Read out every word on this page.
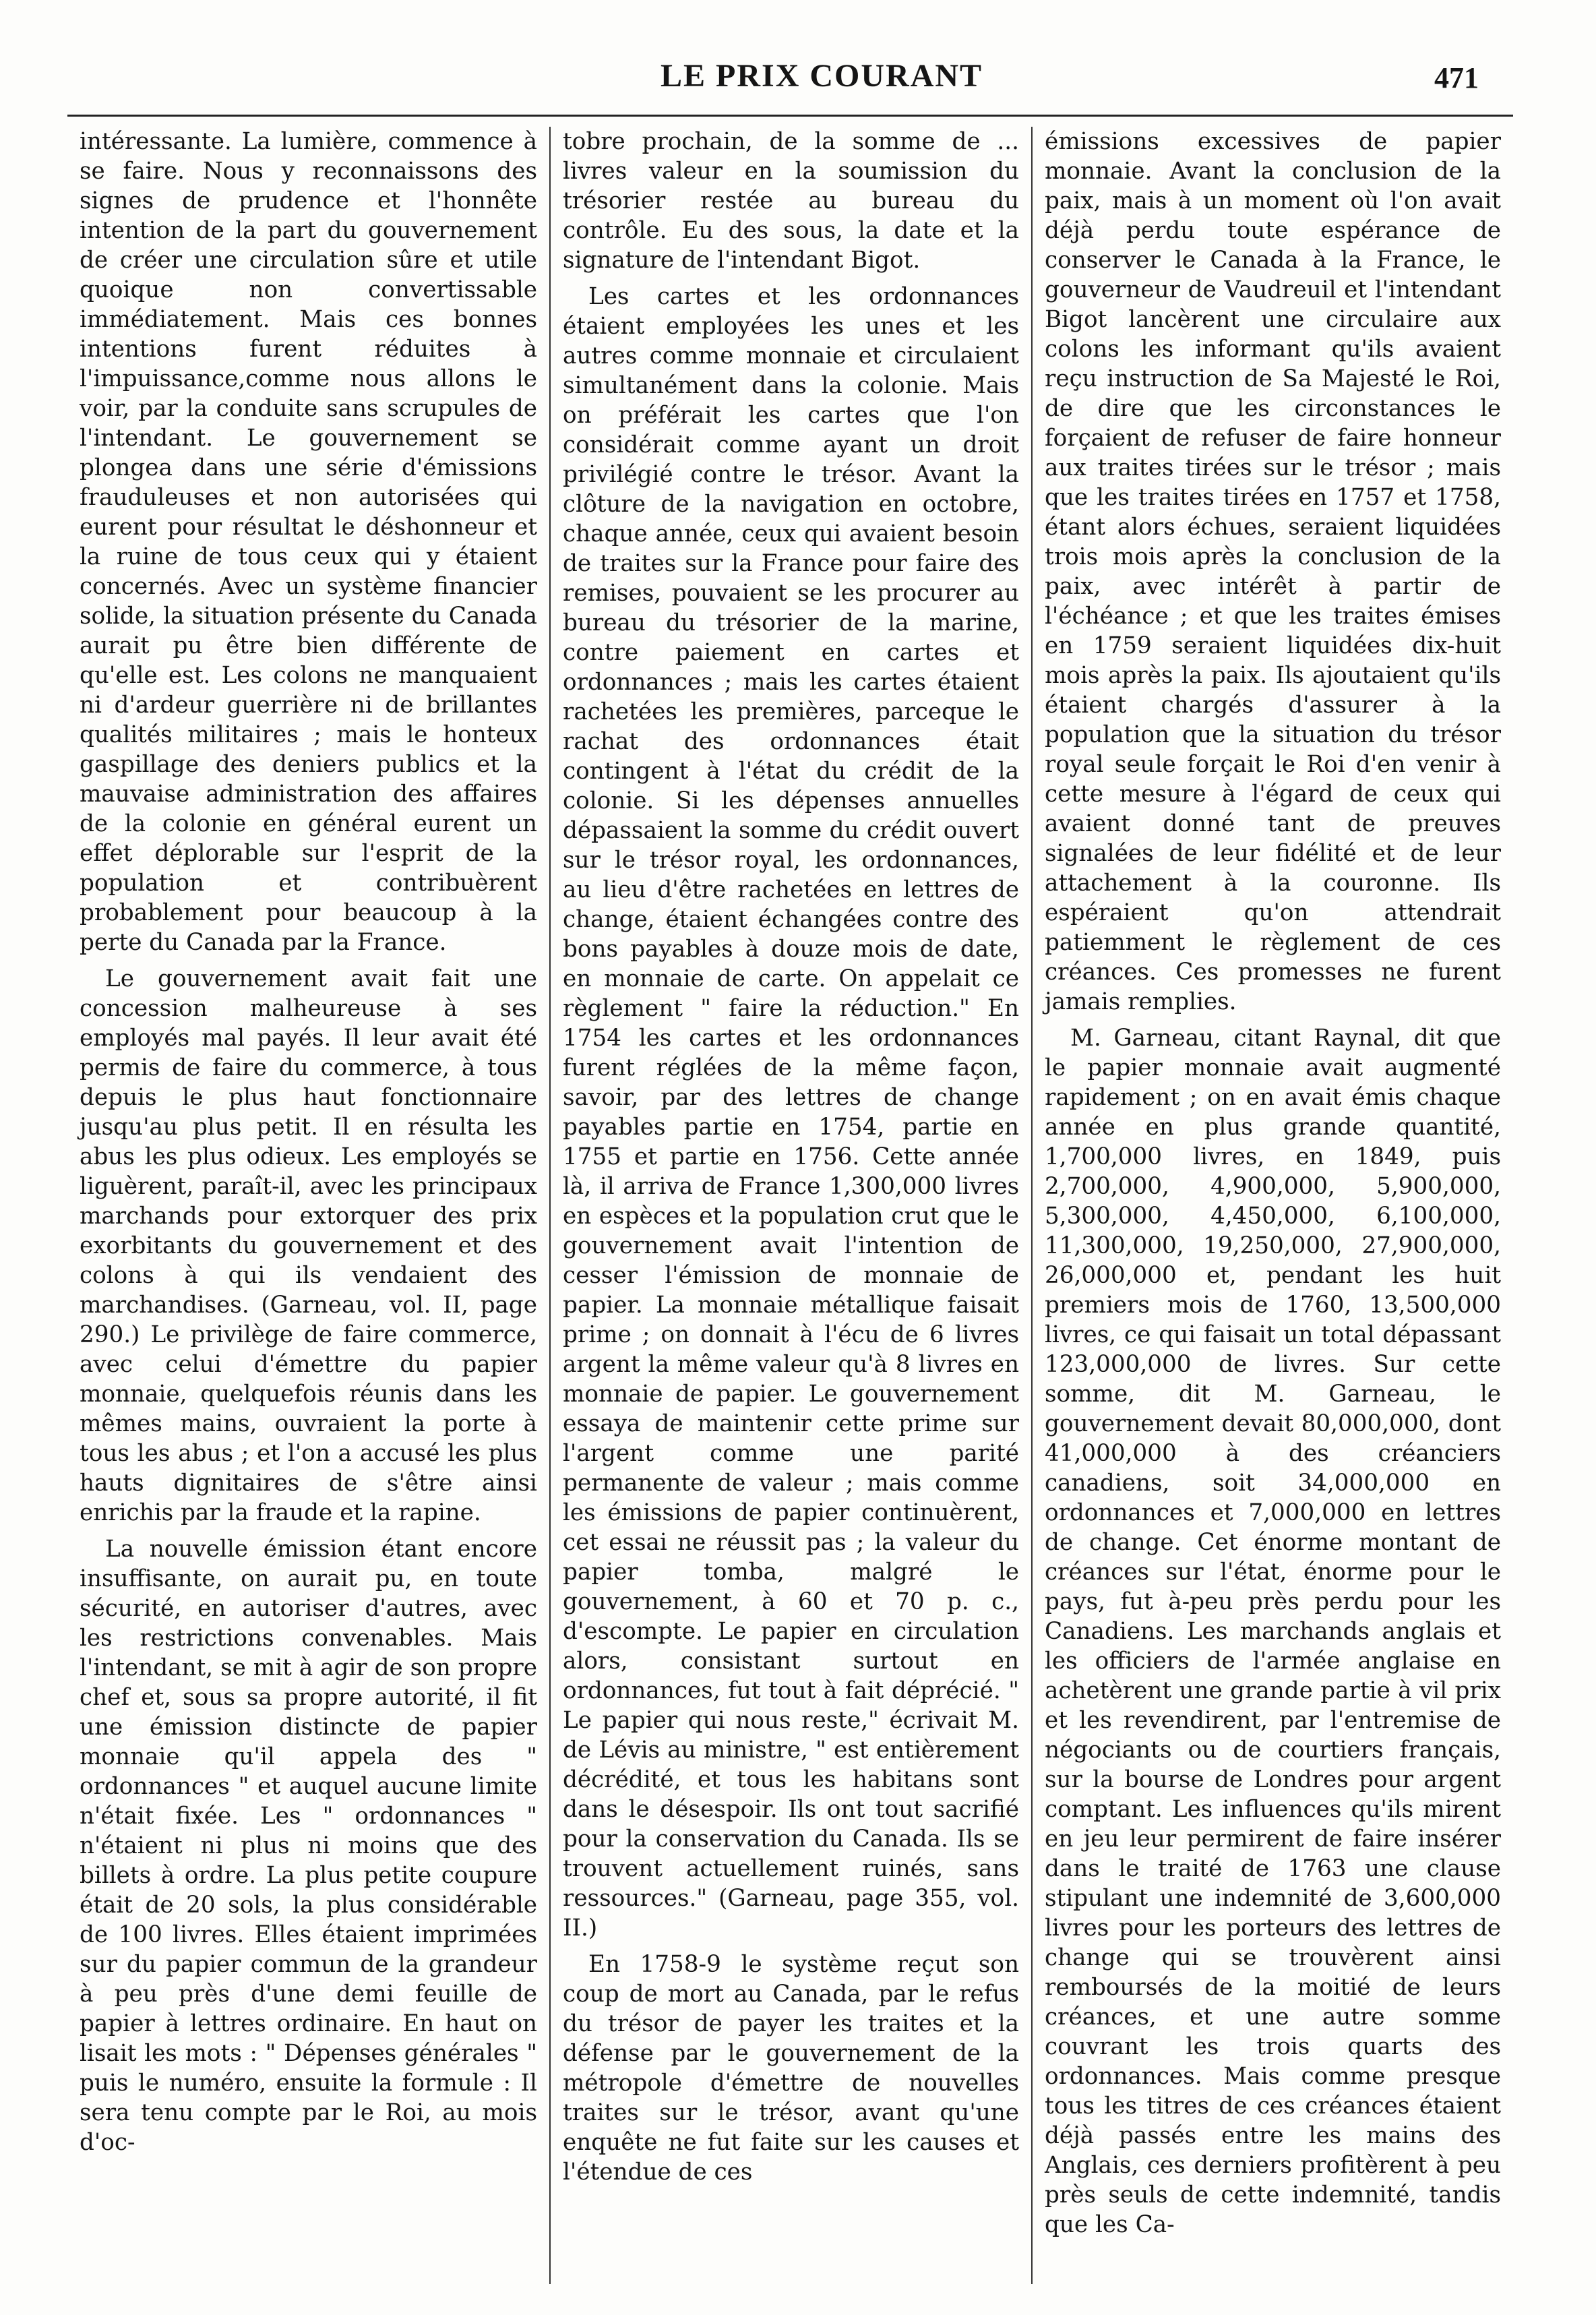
LE PRIX COURANT	471

intéressante. La lumière, commence à se faire. Nous y reconnaissons des signes de prudence et l'honnête intention de la part du gouvernement de créer une circulation sûre et utile quoique non convertissable immédiatement. Mais ces bonnes intentions furent réduites à l'impuissance,comme nous allons le voir, par la conduite sans scrupules de l'intendant. Le gouvernement se plongea dans une série d'émissions frauduleuses et non autorisées qui eurent pour résultat le déshonneur et la ruine de tous ceux qui y étaient concernés. Avec un système financier solide, la situation présente du Canada aurait pu être bien différente de qu'elle est. Les colons ne manquaient ni d'ardeur guerrière ni de brillantes qualités militaires ; mais le honteux gaspillage des deniers publics et la mauvaise administration des affaires de la colonie en général eurent un effet déplorable sur l'esprit de la population et contribuèrent probablement pour beaucoup à la perte du Canada par la France.

Le gouvernement avait fait une concession malheureuse à ses employés mal payés. Il leur avait été permis de faire du commerce, à tous depuis le plus haut fonctionnaire jusqu'au plus petit. Il en résulta les abus les plus odieux. Les employés se liguèrent, paraît-il, avec les principaux marchands pour extorquer des prix exorbitants du gouvernement et des colons à qui ils vendaient des marchandises. (Garneau, vol. II, page 290.) Le privilège de faire commerce, avec celui d'émettre du papier monnaie, quelquefois réunis dans les mêmes mains, ouvraient la porte à tous les abus ; et l'on a accusé les plus hauts dignitaires de s'être ainsi enrichis par la fraude et la rapine.

La nouvelle émission étant encore insuffisante, on aurait pu, en toute sécurité, en autoriser d'autres, avec les restrictions convenables. Mais l'intendant, se mit à agir de son propre chef et, sous sa propre autorité, il fit une émission distincte de papier monnaie qu'il appela des " ordonnances " et auquel aucune limite n'était fixée. Les " ordonnances " n'étaient ni plus ni moins que des billets à ordre. La plus petite coupure était de 20 sols, la plus considérable de 100 livres. Elles étaient imprimées sur du papier commun de la grandeur à peu près d'une demi feuille de papier à lettres ordinaire. En haut on lisait les mots : " Dépenses générales " puis le numéro, ensuite la formule : Il sera tenu compte par le Roi, au mois d'oc-

tobre prochain, de la somme de ... livres valeur en la soumission du trésorier restée au bureau du contrôle. Eu des sous, la date et la signature de l'intendant Bigot.

Les cartes et les ordonnances étaient employées les unes et les autres comme monnaie et circulaient simultanément dans la colonie. Mais on préférait les cartes que l'on considérait comme ayant un droit privilégié contre le trésor. Avant la clôture de la navigation en octobre, chaque année, ceux qui avaient besoin de traites sur la France pour faire des remises, pouvaient se les procurer au bureau du trésorier de la marine, contre paiement en cartes et ordonnances ; mais les cartes étaient rachetées les premières, parceque le rachat des ordonnances était contingent à l'état du crédit de la colonie. Si les dépenses annuelles dépassaient la somme du crédit ouvert sur le trésor royal, les ordonnances, au lieu d'être rachetées en lettres de change, étaient échangées contre des bons payables à douze mois de date, en monnaie de carte. On appelait ce règlement " faire la réduction." En 1754 les cartes et les ordonnances furent réglées de la même façon, savoir, par des lettres de change payables partie en 1754, partie en 1755 et partie en 1756. Cette année là, il arriva de France 1,300,000 livres en espèces et la population crut que le gouvernement avait l'intention de cesser l'émission de monnaie de papier. La monnaie métallique faisait prime ; on donnait à l'écu de 6 livres argent la même valeur qu'à 8 livres en monnaie de papier. Le gouvernement essaya de maintenir cette prime sur l'argent comme une parité permanente de valeur ; mais comme les émissions de papier continuèrent, cet essai ne réussit pas ; la valeur du papier tomba, malgré le gouvernement, à 60 et 70 p. c., d'escompte. Le papier en circulation alors, consistant surtout en ordonnances, fut tout à fait déprécié. " Le papier qui nous reste," écrivait M. de Lévis au ministre, " est entièrement décrédité, et tous les habitans sont dans le désespoir. Ils ont tout sacrifié pour la conservation du Canada. Ils se trouvent actuellement ruinés, sans ressources." (Garneau, page 355, vol. II.)

En 1758-9 le système reçut son coup de mort au Canada, par le refus du trésor de payer les traites et la défense par le gouvernement de la métropole d'émettre de nouvelles traites sur le trésor, avant qu'une enquête ne fut faite sur les causes et l'étendue de ces

émissions excessives de papier monnaie. Avant la conclusion de la paix, mais à un moment où l'on avait déjà perdu toute espérance de conserver le Canada à la France, le gouverneur de Vaudreuil et l'intendant Bigot lancèrent une circulaire aux colons les informant qu'ils avaient reçu instruction de Sa Majesté le Roi, de dire que les circonstances le forçaient de refuser de faire honneur aux traites tirées sur le trésor ; mais que les traites tirées en 1757 et 1758, étant alors échues, seraient liquidées trois mois après la conclusion de la paix, avec intérêt à partir de l'échéance ; et que les traites émises en 1759 seraient liquidées dix-huit mois après la paix. Ils ajoutaient qu'ils étaient chargés d'assurer à la population que la situation du trésor royal seule forçait le Roi d'en venir à cette mesure à l'égard de ceux qui avaient donné tant de preuves signalées de leur fidélité et de leur attachement à la couronne. Ils espéraient qu'on attendrait patiemment le règlement de ces créances. Ces promesses ne furent jamais remplies.

M. Garneau, citant Raynal, dit que le papier monnaie avait augmenté rapidement ; on en avait émis chaque année en plus grande quantité, 1,700,000 livres, en 1849, puis 2,700,000, 4,900,000, 5,900,000, 5,300,000, 4,450,000, 6,100,000, 11,300,000, 19,250,000, 27,900,000, 26,000,000 et, pendant les huit premiers mois de 1760, 13,500,000 livres, ce qui faisait un total dépassant 123,000,000 de livres. Sur cette somme, dit M. Garneau, le gouvernement devait 80,000,000, dont 41,000,000 à des créanciers canadiens, soit 34,000,000 en ordonnances et 7,000,000 en lettres de change. Cet énorme montant de créances sur l'état, énorme pour le pays, fut à-peu près perdu pour les Canadiens. Les marchands anglais et les officiers de l'armée anglaise en achetèrent une grande partie à vil prix et les revendirent, par l'entremise de négociants ou de courtiers français, sur la bourse de Londres pour argent comptant. Les influences qu'ils mirent en jeu leur permirent de faire insérer dans le traité de 1763 une clause stipulant une indemnité de 3,600,000 livres pour les porteurs des lettres de change qui se trouvèrent ainsi remboursés de la moitié de leurs créances, et une autre somme couvrant les trois quarts des ordonnances. Mais comme presque tous les titres de ces créances étaient déjà passés entre les mains des Anglais, ces derniers profitèrent à peu près seuls de cette indemnité, tandis que les Ca-
